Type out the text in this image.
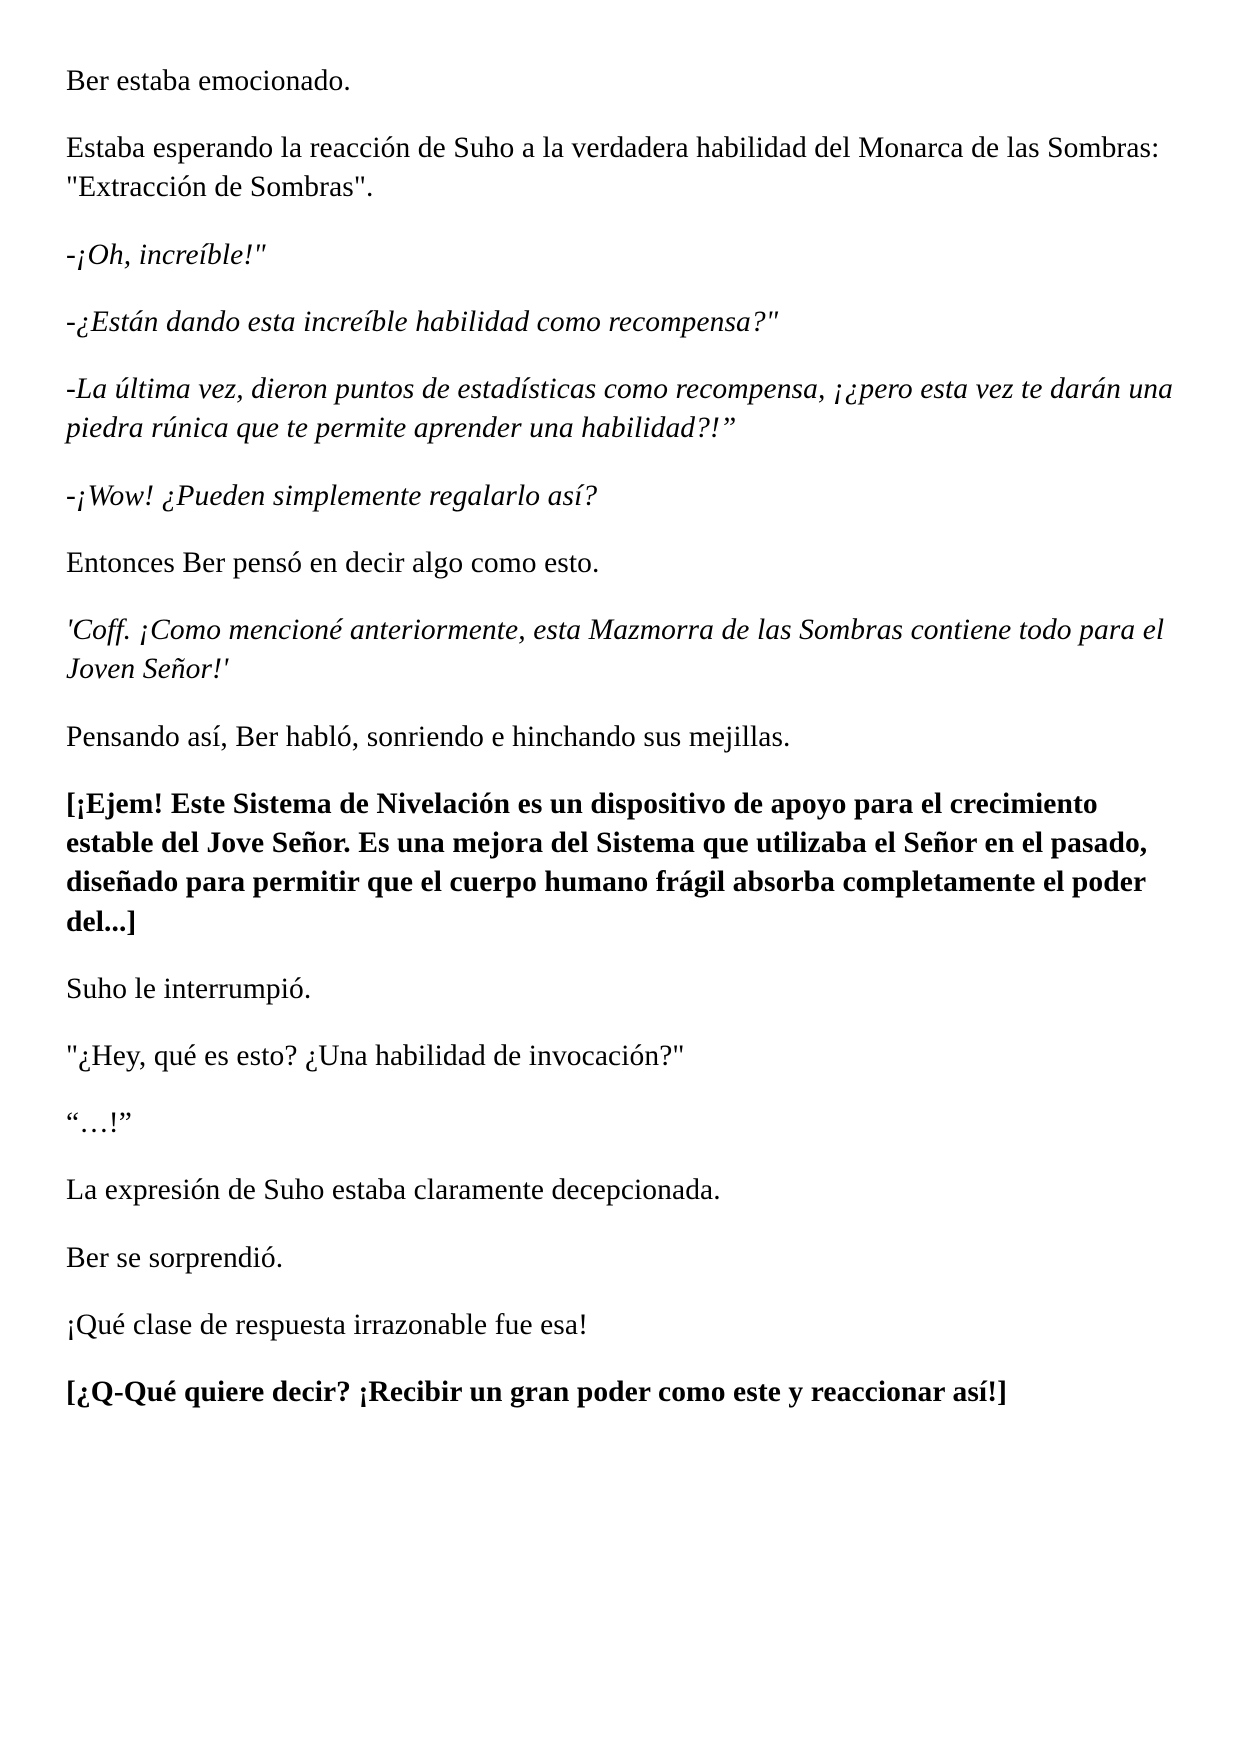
Ber estaba emocionado.

Estaba esperando la reacción de Suho a la verdadera habilidad del Monarca de las Sombras: "Extracción de Sombras".

-¡Oh, increíble!"

-¿Están dando esta increíble habilidad como recompensa?"

-La última vez, dieron puntos de estadísticas como recompensa, ¡¿pero esta vez te darán una piedra rúnica que te permite aprender una habilidad?!”

-¡Wow! ¿Pueden simplemente regalarlo así?

Entonces Ber pensó en decir algo como esto.

'Coff. ¡Como mencioné anteriormente, esta Mazmorra de las Sombras contiene todo para el Joven Señor!'

Pensando así, Ber habló, sonriendo e hinchando sus mejillas.

[¡Ejem! Este Sistema de Nivelación es un dispositivo de apoyo para el crecimiento estable del Jove Señor. Es una mejora del Sistema que utilizaba el Señor en el pasado, diseñado para permitir que el cuerpo humano frágil absorba completamente el poder del...]

Suho le interrumpió.

"¿Hey, qué es esto? ¿Una habilidad de invocación?"

“…!”

La expresión de Suho estaba claramente decepcionada.

Ber se sorprendió.

¡Qué clase de respuesta irrazonable fue esa!

[¿Q-Qué quiere decir? ¡Recibir un gran poder como este y reaccionar así!]
